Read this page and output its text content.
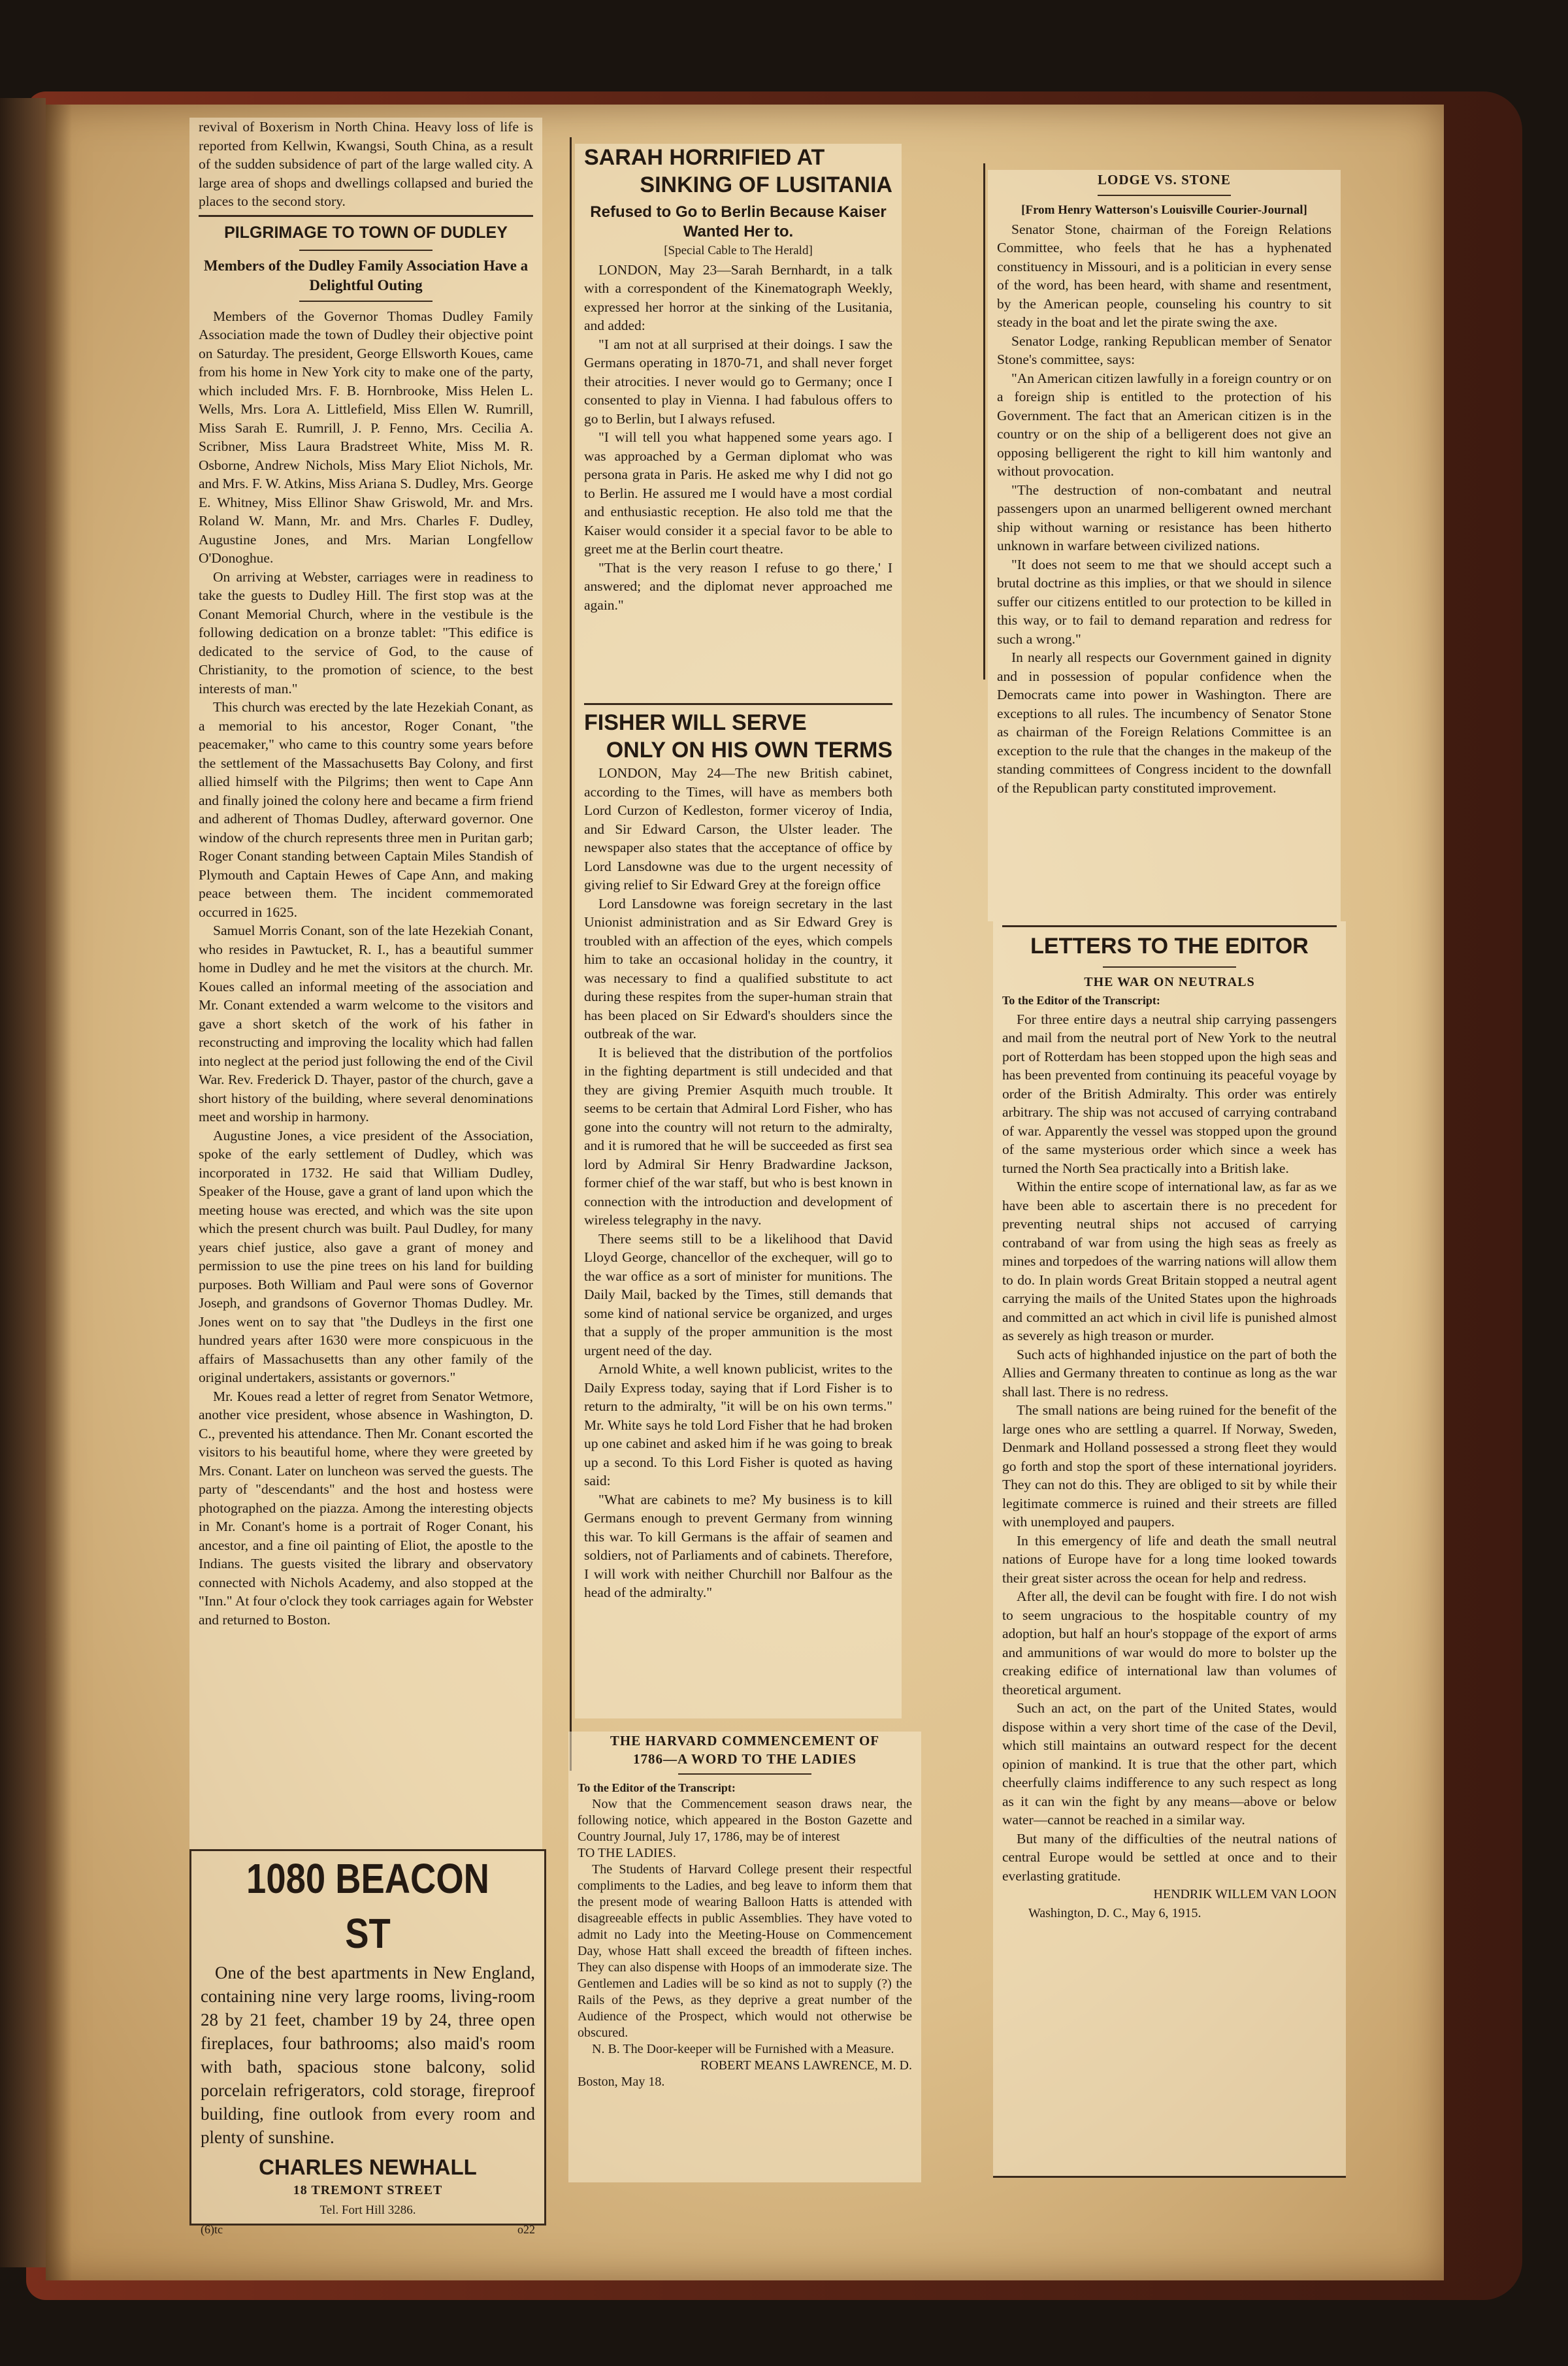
revival of Boxerism in North China. Heavy loss of life is reported from Kellwin, Kwangsi, South China, as a result of the sudden subsidence of part of the large walled city. A large area of shops and dwellings collapsed and buried the places to the second story.

PILGRIMAGE TO TOWN OF DUDLEY
Members of the Dudley Family Association Have a Delightful Outing

Members of the Governor Thomas Dudley Family Association made the town of Dudley their objective point on Saturday. The president, George Ellsworth Koues, came from his home in New York city to make one of the party, which included Mrs. F. B. Hornbrooke, Miss Helen L. Wells, Mrs. Lora A. Littlefield, Miss Ellen W. Rumrill, Miss Sarah E. Rumrill, J. P. Fenno, Mrs. Cecilia A. Scribner, Miss Laura Bradstreet White, Miss M. R. Osborne, Andrew Nichols, Miss Mary Eliot Nichols, Mr. and Mrs. F. W. Atkins, Miss Ariana S. Dudley, Mrs. George E. Whitney, Miss Ellinor Shaw Griswold, Mr. and Mrs. Roland W. Mann, Mr. and Mrs. Charles F. Dudley, Augustine Jones, and Mrs. Marian Longfellow O'Donoghue.

On arriving at Webster, carriages were in readiness to take the guests to Dudley Hill. The first stop was at the Conant Memorial Church, where in the vestibule is the following dedication on a bronze tablet: "This edifice is dedicated to the service of God, to the cause of Christianity, to the promotion of science, to the best interests of man."

This church was erected by the late Hezekiah Conant, as a memorial to his ancestor, Roger Conant, "the peacemaker," who came to this country some years before the settlement of the Massachusetts Bay Colony, and first allied himself with the Pilgrims; then went to Cape Ann and finally joined the colony here and became a firm friend and adherent of Thomas Dudley, afterward governor. One window of the church represents three men in Puritan garb; Roger Conant standing between Captain Miles Standish of Plymouth and Captain Hewes of Cape Ann, and making peace between them. The incident commemorated occurred in 1625.

Samuel Morris Conant, son of the late Hezekiah Conant, who resides in Pawtucket, R. I., has a beautiful summer home in Dudley and he met the visitors at the church. Mr. Koues called an informal meeting of the association and Mr. Conant extended a warm welcome to the visitors and gave a short sketch of the work of his father in reconstructing and improving the locality which had fallen into neglect at the period just following the end of the Civil War. Rev. Frederick D. Thayer, pastor of the church, gave a short history of the building, where several denominations meet and worship in harmony.

Augustine Jones, a vice president of the Association, spoke of the early settlement of Dudley, which was incorporated in 1732. He said that William Dudley, Speaker of the House, gave a grant of land upon which the meeting house was erected, and which was the site upon which the present church was built. Paul Dudley, for many years chief justice, also gave a grant of money and permission to use the pine trees on his land for building purposes. Both William and Paul were sons of Governor Joseph, and grandsons of Governor Thomas Dudley. Mr. Jones went on to say that "the Dudleys in the first one hundred years after 1630 were more conspicuous in the affairs of Massachusetts than any other family of the original undertakers, assistants or governors."

Mr. Koues read a letter of regret from Senator Wetmore, another vice president, whose absence in Washington, D. C., prevented his attendance. Then Mr. Conant escorted the visitors to his beautiful home, where they were greeted by Mrs. Conant. Later on luncheon was served the guests. The party of "descendants" and the host and hostess were photographed on the piazza. Among the interesting objects in Mr. Conant's home is a portrait of Roger Conant, his ancestor, and a fine oil painting of Eliot, the apostle to the Indians. The guests visited the library and observatory connected with Nichols Academy, and also stopped at the "Inn." At four o'clock they took carriages again for Webster and returned to Boston.

1080 BEACON ST

One of the best apartments in New England, containing nine very large rooms, living-room 28 by 21 feet, chamber 19 by 24, three open fireplaces, four bathrooms; also maid's room with bath, spacious stone balcony, solid porcelain refrigerators, cold storage, fireproof building, fine outlook from every room and plenty of sunshine.

CHARLES NEWHALL
18 TREMONT STREET
Tel. Fort Hill 3286.
(6)tc	o22
SARAH HORRIFIED AT
SINKING OF LUSITANIA
Refused to Go to Berlin Because Kaiser Wanted Her to.
[Special Cable to The Herald]

LONDON, May 23—Sarah Bernhardt, in a talk with a correspondent of the Kinematograph Weekly, expressed her horror at the sinking of the Lusitania, and added:

"I am not at all surprised at their doings. I saw the Germans operating in 1870-71, and shall never forget their atrocities. I never would go to Germany; once I consented to play in Vienna. I had fabulous offers to go to Berlin, but I always refused.

"I will tell you what happened some years ago. I was approached by a German diplomat who was persona grata in Paris. He asked me why I did not go to Berlin. He assured me I would have a most cordial and enthusiastic reception. He also told me that the Kaiser would consider it a special favor to be able to greet me at the Berlin court theatre.

"That is the very reason I refuse to go there,' I answered; and the diplomat never approached me again."

FISHER WILL SERVE
ONLY ON HIS OWN TERMS

LONDON, May 24—The new British cabinet, according to the Times, will have as members both Lord Curzon of Kedleston, former viceroy of India, and Sir Edward Carson, the Ulster leader. The newspaper also states that the acceptance of office by Lord Lansdowne was due to the urgent necessity of giving relief to Sir Edward Grey at the foreign office

Lord Lansdowne was foreign secretary in the last Unionist administration and as Sir Edward Grey is troubled with an affection of the eyes, which compels him to take an occasional holiday in the country, it was necessary to find a qualified substitute to act during these respites from the super-human strain that has been placed on Sir Edward's shoulders since the outbreak of the war.

It is believed that the distribution of the portfolios in the fighting department is still undecided and that they are giving Premier Asquith much trouble. It seems to be certain that Admiral Lord Fisher, who has gone into the country will not return to the admiralty, and it is rumored that he will be succeeded as first sea lord by Admiral Sir Henry Bradwardine Jackson, former chief of the war staff, but who is best known in connection with the introduction and development of wireless telegraphy in the navy.

There seems still to be a likelihood that David Lloyd George, chancellor of the exchequer, will go to the war office as a sort of minister for munitions. The Daily Mail, backed by the Times, still demands that some kind of national service be organized, and urges that a supply of the proper ammunition is the most urgent need of the day.

Arnold White, a well known publicist, writes to the Daily Express today, saying that if Lord Fisher is to return to the admiralty, "it will be on his own terms." Mr. White says he told Lord Fisher that he had broken up one cabinet and asked him if he was going to break up a second. To this Lord Fisher is quoted as having said:

"What are cabinets to me? My business is to kill Germans enough to prevent Germany from winning this war. To kill Germans is the affair of seamen and soldiers, not of Parliaments and of cabinets. Therefore, I will work with neither Churchill nor Balfour as the head of the admiralty."

THE HARVARD COMMENCEMENT OF
1786—A WORD TO THE LADIES
To the Editor of the Transcript:

Now that the Commencement season draws near, the following notice, which appeared in the Boston Gazette and Country Journal, July 17, 1786, may be of interest

TO THE LADIES.

The Students of Harvard College present their respectful compliments to the Ladies, and beg leave to inform them that the present mode of wearing Balloon Hatts is attended with disagreeable effects in public Assemblies. They have voted to admit no Lady into the Meeting-House on Commencement Day, whose Hatt shall exceed the breadth of fifteen inches. They can also dispense with Hoops of an immoderate size. The Gentlemen and Ladies will be so kind as not to supply (?) the Rails of the Pews, as they deprive a great number of the Audience of the Prospect, which would not otherwise be obscured.

N. B. The Door-keeper will be Furnished with a Measure.

ROBERT MEANS LAWRENCE, M. D.
Boston, May 18.
LODGE VS. STONE
[From Henry Watterson's Louisville Courier-Journal]

Senator Stone, chairman of the Foreign Relations Committee, who feels that he has a hyphenated constituency in Missouri, and is a politician in every sense of the word, has been heard, with shame and resentment, by the American people, counseling his country to sit steady in the boat and let the pirate swing the axe.

Senator Lodge, ranking Republican member of Senator Stone's committee, says:

"An American citizen lawfully in a foreign country or on a foreign ship is entitled to the protection of his Government. The fact that an American citizen is in the country or on the ship of a belligerent does not give an opposing belligerent the right to kill him wantonly and without provocation.

"The destruction of non-combatant and neutral passengers upon an unarmed belligerent owned merchant ship without warning or resistance has been hitherto unknown in warfare between civilized nations.

"It does not seem to me that we should accept such a brutal doctrine as this implies, or that we should in silence suffer our citizens entitled to our protection to be killed in this way, or to fail to demand reparation and redress for such a wrong."

In nearly all respects our Government gained in dignity and in possession of popular confidence when the Democrats came into power in Washington. There are exceptions to all rules. The incumbency of Senator Stone as chairman of the Foreign Relations Committee is an exception to the rule that the changes in the makeup of the standing committees of Congress incident to the downfall of the Republican party constituted improvement.

LETTERS TO THE EDITOR
THE WAR ON NEUTRALS
To the Editor of the Transcript:

For three entire days a neutral ship carrying passengers and mail from the neutral port of New York to the neutral port of Rotterdam has been stopped upon the high seas and has been prevented from continuing its peaceful voyage by order of the British Admiralty. This order was entirely arbitrary. The ship was not accused of carrying contraband of war. Apparently the vessel was stopped upon the ground of the same mysterious order which since a week has turned the North Sea practically into a British lake.

Within the entire scope of international law, as far as we have been able to ascertain there is no precedent for preventing neutral ships not accused of carrying contraband of war from using the high seas as freely as mines and torpedoes of the warring nations will allow them to do. In plain words Great Britain stopped a neutral agent carrying the mails of the United States upon the highroads and committed an act which in civil life is punished almost as severely as high treason or murder.

Such acts of highhanded injustice on the part of both the Allies and Germany threaten to continue as long as the war shall last. There is no redress.

The small nations are being ruined for the benefit of the large ones who are settling a quarrel. If Norway, Sweden, Denmark and Holland possessed a strong fleet they would go forth and stop the sport of these international joyriders. They can not do this. They are obliged to sit by while their legitimate commerce is ruined and their streets are filled with unemployed and paupers.

In this emergency of life and death the small neutral nations of Europe have for a long time looked towards their great sister across the ocean for help and redress.

After all, the devil can be fought with fire. I do not wish to seem ungracious to the hospitable country of my adoption, but half an hour's stoppage of the export of arms and ammunitions of war would do more to bolster up the creaking edifice of international law than volumes of theoretical argument.

Such an act, on the part of the United States, would dispose within a very short time of the case of the Devil, which still maintains an outward respect for the decent opinion of mankind. It is true that the other part, which cheerfully claims indifference to any such respect as long as it can win the fight by any means—above or below water—cannot be reached in a similar way.

But many of the difficulties of the neutral nations of central Europe would be settled at once and to their everlasting gratitude.

HENDRIK WILLEM VAN LOON
Washington, D. C., May 6, 1915.
